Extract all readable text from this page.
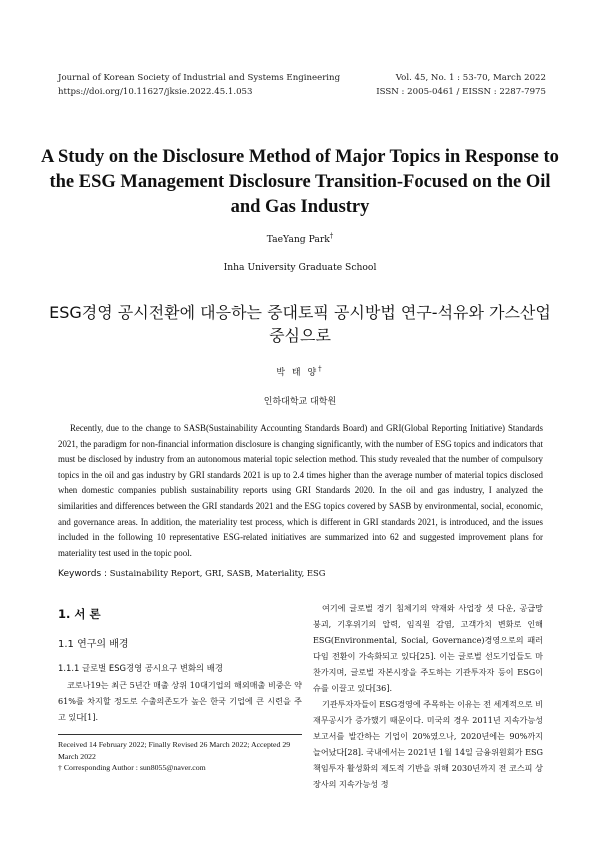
Journal of Korean Society of Industrial and Systems Engineering
https://doi.org/10.11627/jksie.2022.45.1.053
Vol. 45, No. 1 : 53-70, March 2022
ISSN : 2005-0461 / EISSN : 2287-7975
A Study on the Disclosure Method of Major Topics in Response to the ESG Management Disclosure Transition-Focused on the Oil and Gas Industry
TaeYang Park†
Inha University Graduate School
ESG경영 공시전환에 대응하는 중대토픽 공시방법 연구-석유와 가스산업 중심으로
박 태 양†
인하대학교 대학원
Recently, due to the change to SASB(Sustainability Accounting Standards Board) and GRI(Global Reporting Initiative) Standards 2021, the paradigm for non-financial information disclosure is changing significantly, with the number of ESG topics and indicators that must be disclosed by industry from an autonomous material topic selection method. This study revealed that the number of compulsory topics in the oil and gas industry by GRI standards 2021 is up to 2.4 times higher than the average number of material topics disclosed when domestic companies publish sustainability reports using GRI Standards 2020. In the oil and gas industry, I analyzed the similarities and differences between the GRI standards 2021 and the ESG topics covered by SASB by environmental, social, economic, and governance areas. In addition, the materiality test process, which is different in GRI standards 2021, is introduced, and the issues included in the following 10 representative ESG-related initiatives are summarized into 62 and suggested improvement plans for materiality test used in the topic pool.
Keywords : Sustainability Report, GRI, SASB, Materiality, ESG
1. 서 론
1.1 연구의 배경
1.1.1 글로벌 ESG경영 공시요구 변화의 배경
코로나19는 최근 5년간 매출 상위 10대기업의 해외매출 비중은 약 61%를 차지할 정도로 수출의존도가 높은 한국 기업에 큰 시련을 주고 있다[1].
Received 14 February 2022; Finally Revised 26 March 2022; Accepted 29 March 2022
† Corresponding Author : sun8055@naver.com

여기에 글로벌 경기 침체기의 약재와 사업장 셧 다운, 공급망 붕괴, 기후위기의 압력, 임직원 감염, 고객가치 변화로 인해 ESG(Environmental, Social, Governance)경영으로의 패러다임 전환이 가속화되고 있다[25]. 이는 글로벌 선도기업들도 마찬가지며, 글로벌 자본시장을 주도하는 기관투자자 등이 ESG이슈를 이끌고 있다[36].

기관투자자들이 ESG경영에 주목하는 이유는 전 세계적으로 비재무공시가 증가했기 때문이다. 미국의 경우 2011년 지속가능성보고서를 발간하는 기업이 20%였으나, 2020년에는 90%까지 늘어났다[28]. 국내에서는 2021년 1월 14일 금융위원회가 ESG책임투자 활성화의 제도적 기반을 위해 2030년까지 전 코스피 상장사의 지속가능성 정
